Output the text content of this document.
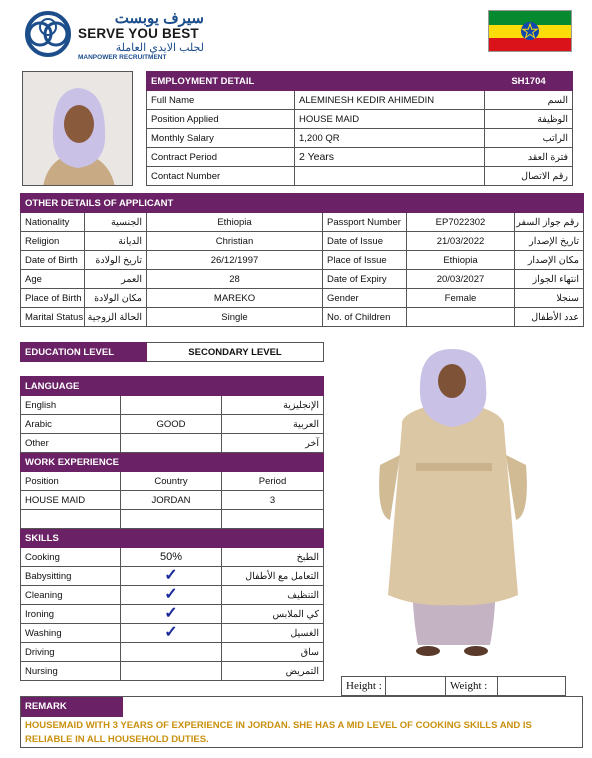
سيرف يوبست
SERVE YOU BEST
لجلب الايدي العاملة
MANPOWER RECRUITMENT
EMPLOYMENT DETAIL		SH1704
Full Name	ALEMINESH KEDIR AHIMEDIN	السم
Position Applied	HOUSE MAID	الوظيفة
Monthly Salary	1,200 QR	الراتب
Contract Period	2 Years	فترة العقد
Contact Number		رقم الاتصال
OTHER DETAILS OF APPLICANT					
Nationality	الجنسية	Ethiopia	Passport Number	EP7022302	رقم جواز السفر
Religion	الديانة	Christian	Date of Issue	21/03/2022	تاريخ الإصدار
Date of Birth	تاريخ الولادة	26/12/1997	Place of Issue	Ethiopia	مكان الإصدار
Age	العمر	28	Date of Expiry	20/03/2027	انتهاء الجواز
Place of Birth	مكان الولادة	MAREKO	Gender	Female	سنجلا
Marital Status	الحالة الزوجية	Single	No. of Children		عدد الأطفال
EDUCATION LEVEL	SECONDARY LEVEL
LANGUAGE		
English		الإنجليزية
Arabic	GOOD	العربية
Other		آخر
WORK EXPERIENCE		
Position	Country	Period
HOUSE MAID	JORDAN	3

SKILLS		
Cooking	50%	الطبخ
Babysitting	✓	التعامل مع الأطفال
Cleaning	✓	التنظيف
Ironing	✓	كي الملابس
Washing	✓	الغسيل
Driving		ساق
Nursing		التمريض
Height :		Weight :	
REMARK
HOUSEMAID WITH 3 YEARS OF EXPERIENCE IN JORDAN. SHE HAS A MID LEVEL OF COOKING SKILLS AND IS RELIABLE IN ALL HOUSEHOLD DUTIES.
